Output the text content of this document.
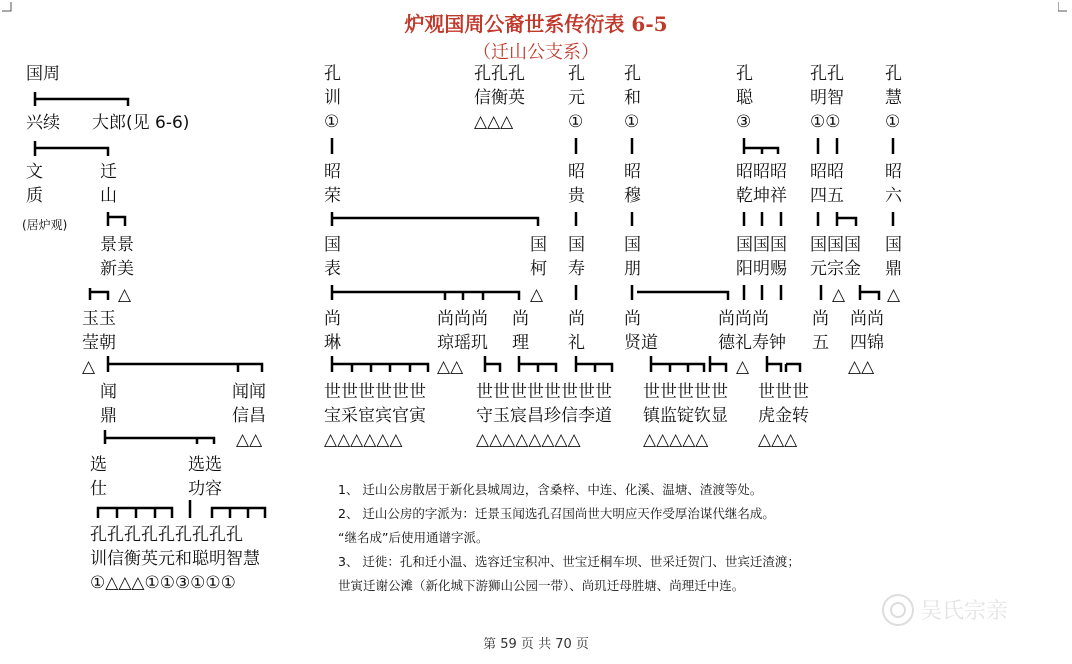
炉观国周公裔世系传衍表 6-5
（迁山公支系）
国周
兴续 大郎(见 6-6)
文
质
迁
山
(居炉观)
景景
新美
△
玉玉
莹朝
△
闻
鼎
闻闻
信昌
△△
选
仕
选选
功容
孔孔孔孔孔孔孔孔孔
训信衡英元和聪明智慧
①△△△①①③①①①
孔
训
①
昭
荣
国
表
尚
琳
世世世世世世
宝采宦宾官寅
△△△△△△
孔孔孔
信衡英
△△△
尚尚尚
琼瑶玑
△△
国
柯
△
尚
理
孔
元
①
昭
贵
国
寿
尚
礼
世世世世世世世世
守玉宸昌珍信李道
△△△△△△△△
孔
和
①
昭
穆
国
朋
尚
贤道
世世世世世
镇监锭钦显
△△△△△
孔
聪
③
昭昭昭
乾坤祥
国国国
阳明赐
尚尚尚
德礼寿钟
△
世世世
虎金转
△△△
孔孔
明智
①①
昭昭
四五
国国国
元宗金
尚
五
△
孔
慧
①
昭
六
国
鼎
△
尚尚
四锦
△△
1、 迁山公房散居于新化县城周边，含桑梓、中连、化溪、温塘、渣渡等处。
2、 迁山公房的字派为：迁景玉闻选孔召国尚世大明应天作受厚治谋代继名成。
“继名成”后使用通谱字派。
3、 迁徙：孔和迁小温、选容迁宝积冲、世宝迁桐车坝、世采迁贺门、世宾迁渣渡；
世寅迁谢公滩（新化城下游狮山公园一带）、尚玑迁母胜塘、尚理迁中连。
吴氏宗亲
第 59 页 共 70 页
